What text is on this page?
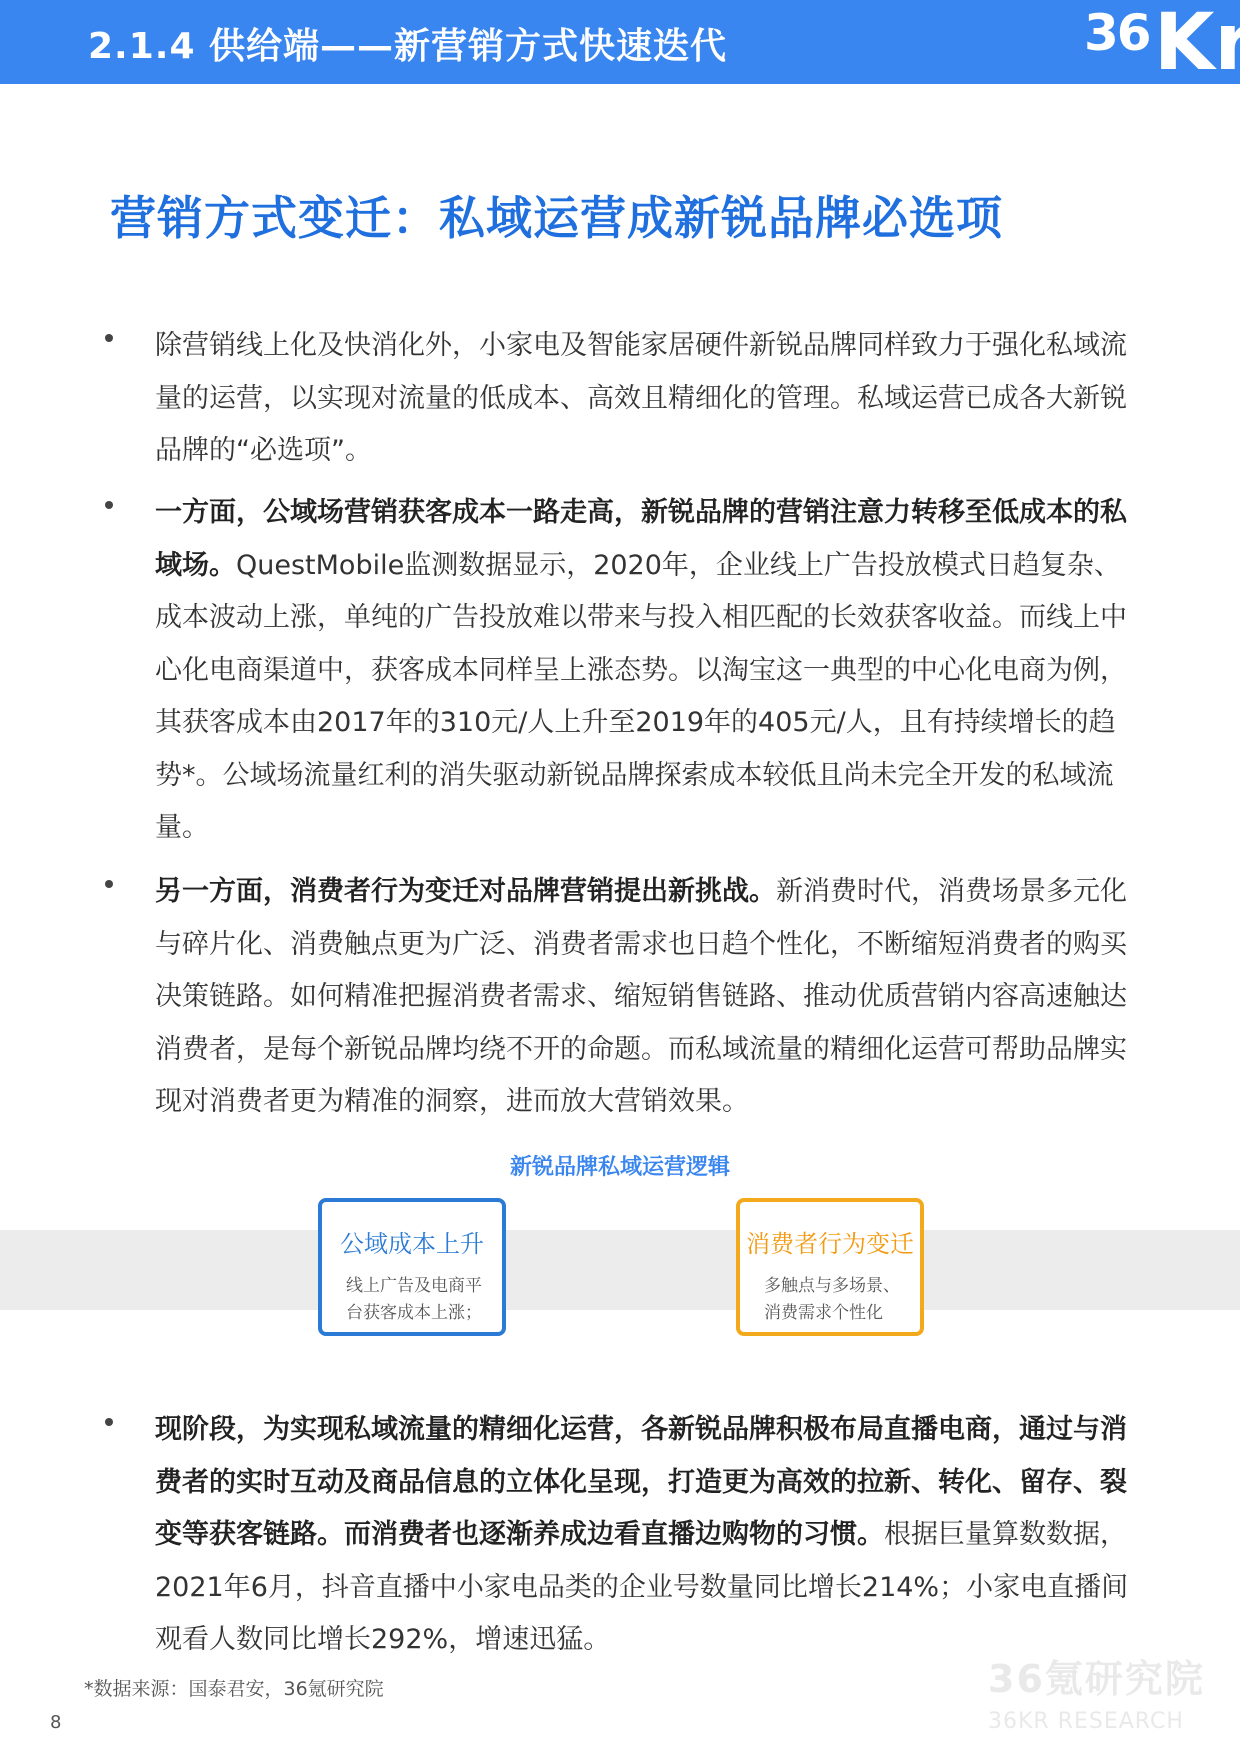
2.1.4 供给端——新营销方式快速迭代	36 Kr
营销方式变迁：私域运营成新锐品牌必选项
除营销线上化及快消化外，小家电及智能家居硬件新锐品牌同样致力于强化私域流量的运营，以实现对流量的低成本、高效且精细化的管理。私域运营已成各大新锐品牌的“必选项”。
一方面，公域场营销获客成本一路走高，新锐品牌的营销注意力转移至低成本的私域场。QuestMobile监测数据显示，2020年，企业线上广告投放模式日趋复杂、成本波动上涨，单纯的广告投放难以带来与投入相匹配的长效获客收益。而线上中心化电商渠道中，获客成本同样呈上涨态势。以淘宝这一典型的中心化电商为例，其获客成本由2017年的310元/人上升至2019年的405元/人，且有持续增长的趋势*。公域场流量红利的消失驱动新锐品牌探索成本较低且尚未完全开发的私域流量。
另一方面，消费者行为变迁对品牌营销提出新挑战。新消费时代，消费场景多元化与碎片化、消费触点更为广泛、消费者需求也日趋个性化，不断缩短消费者的购买决策链路。如何精准把握消费者需求、缩短销售链路、推动优质营销内容高速触达消费者，是每个新锐品牌均绕不开的命题。而私域流量的精细化运营可帮助品牌实现对消费者更为精准的洞察，进而放大营销效果。
新锐品牌私域运营逻辑
公域成本上升
线上广告及电商平台获客成本上涨；
消费者行为变迁
多触点与多场景、消费需求个性化
现阶段，为实现私域流量的精细化运营，各新锐品牌积极布局直播电商，通过与消费者的实时互动及商品信息的立体化呈现，打造更为高效的拉新、转化、留存、裂变等获客链路。而消费者也逐渐养成边看直播边购物的习惯。根据巨量算数数据，2021年6月，抖音直播中小家电品类的企业号数量同比增长214%；小家电直播间观看人数同比增长292%，增速迅猛。
*数据来源：国泰君安，36氪研究院
8
36氪研究院
36KR RESEARCH
